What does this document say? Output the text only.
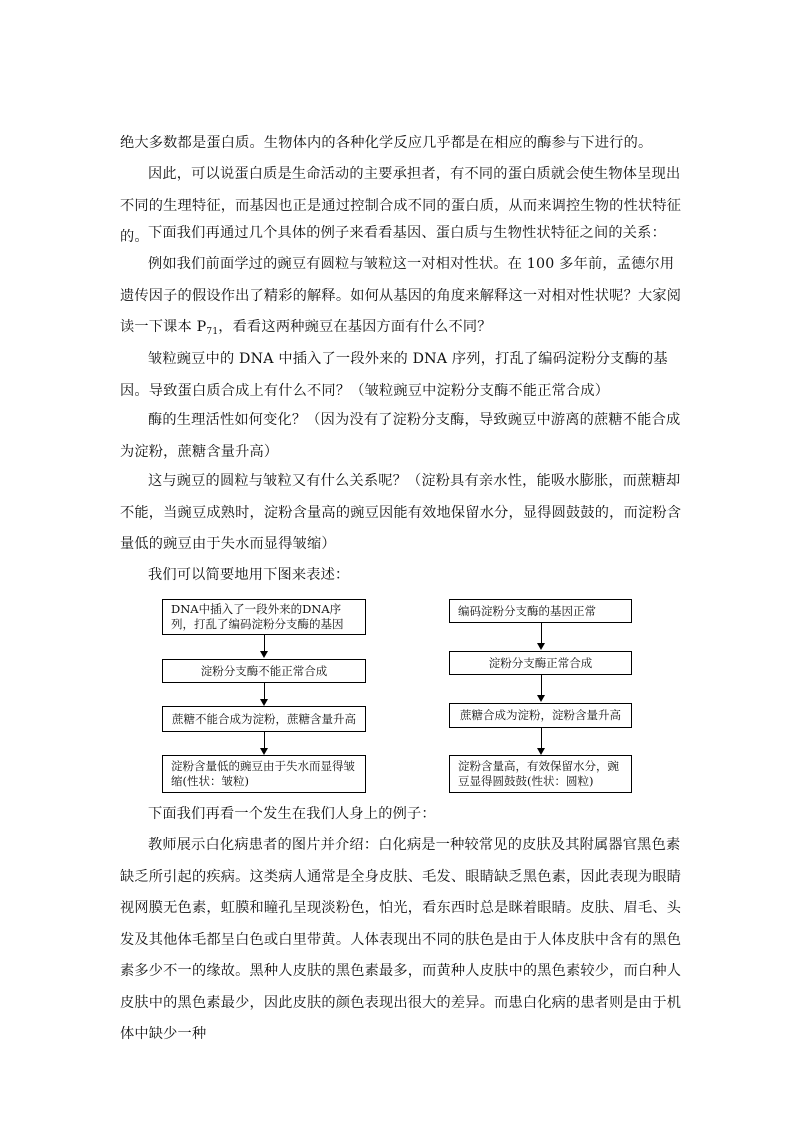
绝大多数都是蛋白质。生物体内的各种化学反应几乎都是在相应的酶参与下进行的。

因此，可以说蛋白质是生命活动的主要承担者，有不同的蛋白质就会使生物体呈现出不同的生理特征，而基因也正是通过控制合成不同的蛋白质，从而来调控生物的性状特征的。 下面我们再通过几个具体的例子来看看基因、蛋白质与生物性状特征之间的关系：

例如我们前面学过的豌豆有圆粒与皱粒这一对相对性状。在 100 多年前，孟德尔用遗传因子的假设作出了精彩的解释。如何从基因的角度来解释这一对相对性状呢？大家阅读一下课本 $P_{71}$，看看这两种豌豆在基因方面有什么不同？

皱粒豌豆中的 DNA 中插入了一段外来的 DNA 序列，打乱了编码淀粉分支酶的基因。导致蛋白质合成上有什么不同？（皱粒豌豆中淀粉分支酶不能正常合成）

酶的生理活性如何变化？（因为没有了淀粉分支酶，导致豌豆中游离的蔗糖不能合成为淀粉，蔗糖含量升高）

这与豌豆的圆粒与皱粒又有什么关系呢？（淀粉具有亲水性，能吸水膨胀，而蔗糖却不能，当豌豆成熟时，淀粉含量高的豌豆因能有效地保留水分，显得圆鼓鼓的，而淀粉含量低的豌豆由于失水而显得皱缩）

我们可以简要地用下图来表述：

DNA中插入了一段外来的DNA序列，打乱了编码淀粉分支酶的基因
淀粉分支酶不能正常合成
蔗糖不能合成为淀粉，蔗糖含量升高
淀粉含量低的豌豆由于失水而显得皱缩(性状：皱粒)
编码淀粉分支酶的基因正常
淀粉分支酶正常合成
蔗糖合成为淀粉，淀粉含量升高
淀粉含量高，有效保留水分，豌豆显得圆鼓鼓(性状：圆粒)

下面我们再看一个发生在我们人身上的例子：

教师展示白化病患者的图片并介绍：白化病是一种较常见的皮肤及其附属器官黑色素缺乏所引起的疾病。这类病人通常是全身皮肤、毛发、眼睛缺乏黑色素，因此表现为眼睛视网膜无色素，虹膜和瞳孔呈现淡粉色，怕光，看东西时总是眯着眼睛。皮肤、眉毛、头发及其他体毛都呈白色或白里带黄。人体表现出不同的肤色是由于人体皮肤中含有的黑色素多少不一的缘故。黑种人皮肤的黑色素最多，而黄种人皮肤中的黑色素较少，而白种人皮肤中的黑色素最少，因此皮肤的颜色表现出很大的差异。而患白化病的患者则是由于机体中缺少一种
